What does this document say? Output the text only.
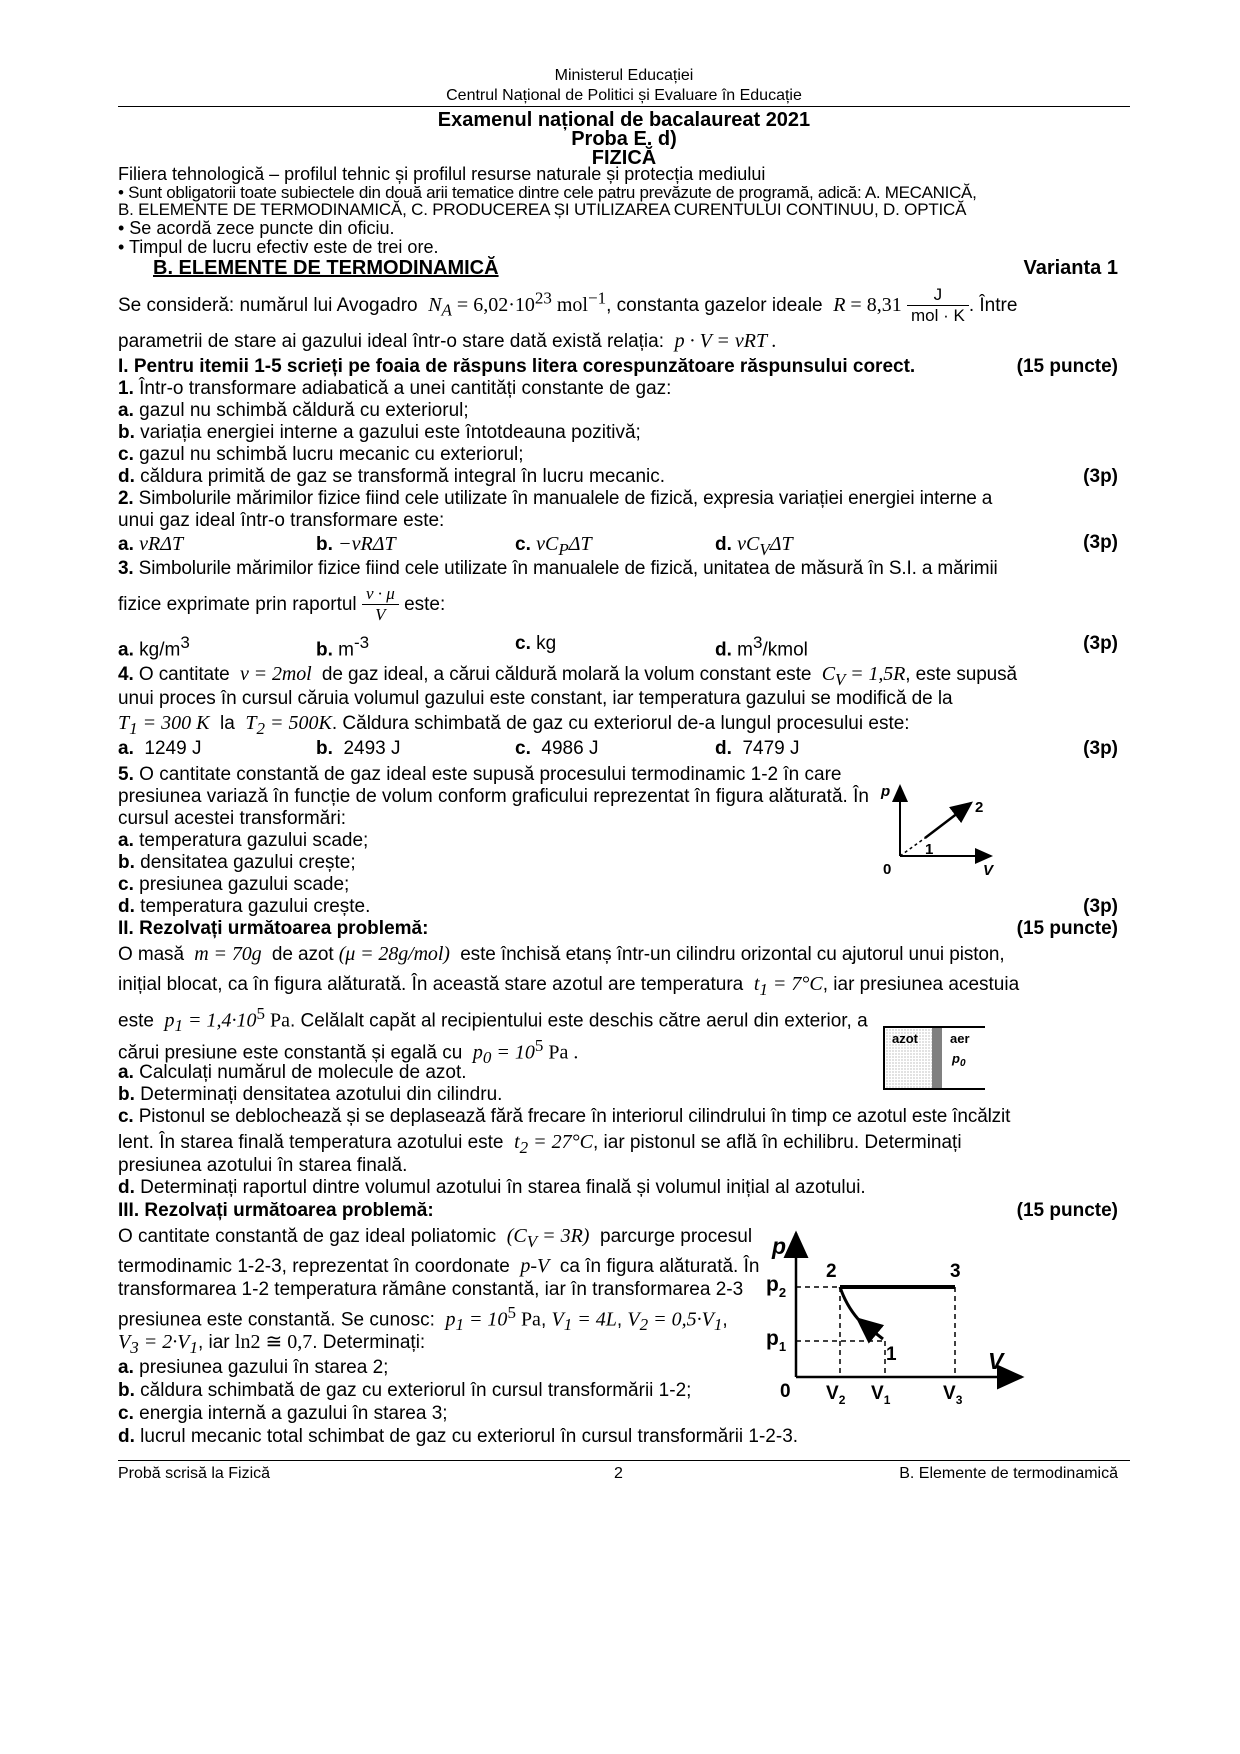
Ministerul Educației
Centrul Național de Politici și Evaluare în Educație
Examenul național de bacalaureat 2021
Proba E. d)
FIZICĂ
Filiera tehnologică – profilul tehnic și profilul resurse naturale și protecția mediului
• Sunt obligatorii toate subiectele din două arii tematice dintre cele patru prevăzute de programă, adică: A. MECANICĂ,
B. ELEMENTE DE TERMODINAMICĂ, C. PRODUCEREA ȘI UTILIZAREA CURENTULUI CONTINUU, D. OPTICĂ
• Se acordă zece puncte din oficiu.
• Timpul de lucru efectiv este de trei ore.
B. ELEMENTE DE TERMODINAMICĂ	Varianta 1
Se consideră: numărul lui Avogadro $N_A = 6,02\cdot 10^{23}$ mol$^{-1}$, constanta gazelor ideale $R = 8,31 \frac{J}{\text{mol · K}}$ . Între
parametrii de stare ai gazului ideal într-o stare dată există relația: p · V = νRT .
I. Pentru itemii 1-5 scrieți pe foaia de răspuns litera corespunzătoare răspunsului corect.	(15 puncte)
1. Într-o transformare adiabatică a unei cantități constante de gaz:
a. gazul nu schimbă căldură cu exteriorul;
b. variația energiei interne a gazului este întotdeauna pozitivă;
c. gazul nu schimbă lucru mecanic cu exteriorul;
d. căldura primită de gaz se transformă integral în lucru mecanic.	(3p)
2. Simbolurile mărimilor fizice fiind cele utilizate în manualele de fizică, expresia variației energiei interne a
unui gaz ideal într-o transformare este:
a. νRΔT	b. −νRΔT	c. $\nu C_P\Delta T$	d. $\nu C_V\Delta T$	(3p)
3. Simbolurile mărimilor fizice fiind cele utilizate în manualele de fizică, unitatea de măsură în S.I. a mărimii
fizice exprimate prin raportul $\frac{\nu \cdot \mu}{V}$ este:
a. $kg/m^3$	b. $m^{-3}$	c. kg	d. $m^3$/kmol	(3p)
4. O cantitate ν = 2mol de gaz ideal, a cărui căldură molară la volum constant este $C_V = 1,5R$, este supusă
unui proces în cursul căruia volumul gazului este constant, iar temperatura gazului se modifică de la
$T_1 = 300$ K la $T_2 = 500K$. Căldura schimbată de gaz cu exteriorul de-a lungul procesului este:
a. 1249 J	b. 2493 J	c. 4986 J	d. 7479 J	(3p)
5. O cantitate constantă de gaz ideal este supusă procesului termodinamic 1-2 în care
presiunea variază în funcție de volum conform graficului reprezentat în figura alăturată. În
cursul acestei transformări:
a. temperatura gazului scade;
b. densitatea gazului crește;
c. presiunea gazului scade;
d. temperatura gazului crește.	(3p)
p
0	V
1
2
II. Rezolvați următoarea problemă:	(15 puncte)
O masă m = 70g de azot (μ = 28g/mol) este închisă etanș într-un cilindru orizontal cu ajutorul unui piston,
inițial blocat, ca în figura alăturată. În această stare azotul are temperatura $t_1 = 7^\circ C$, iar presiunea acestuia
este $p_1 = 1,4\cdot 10^5$ Pa. Celălalt capăt al recipientului este deschis către aerul din exterior, a
cărui presiune este constantă și egală cu $p_0 = 10^5$ Pa .
a. Calculați numărul de molecule de azot.
b. Determinați densitatea azotului din cilindru.
c. Pistonul se deblochează și se deplasează fără frecare în interiorul cilindrului în timp ce azotul este încălzit
lent. În starea finală temperatura azotului este $t_2 = 27^\circ C$, iar pistonul se află în echilibru. Determinați
presiunea azotului în starea finală.
d. Determinați raportul dintre volumul azotului în starea finală și volumul inițial al azotului.
azot aer
$p_0$
III. Rezolvați următoarea problemă:	(15 puncte)
O cantitate constantă de gaz ideal poliatomic $(C_V = 3R)$ parcurge procesul
termodinamic 1-2-3, reprezentat în coordonate p-V ca în figura alăturată. În
transformarea 1-2 temperatura rămâne constantă, iar în transformarea 2-3
presiunea este constantă. Se cunosc: $p_1 = 10^5$ Pa, $V_1 = 4L$, $V_2 = 0,5\cdot V_1$,
$V_3 = 2\cdot V_1$, iar ln2 ≅ 0,7. Determinați:
a. presiunea gazului în starea 2;
b. căldura schimbată de gaz cu exteriorul în cursul transformării 1-2;
c. energia internă a gazului în starea 3;
d. lucrul mecanic total schimbat de gaz cu exteriorul în cursul transformării 1-2-3.
p
$p_2$
$p_1$
2	3
1	V
0 $V_2$ $V_1$	$V_3$
Probă scrisă la Fizică	2	B. Elemente de termodinamică
